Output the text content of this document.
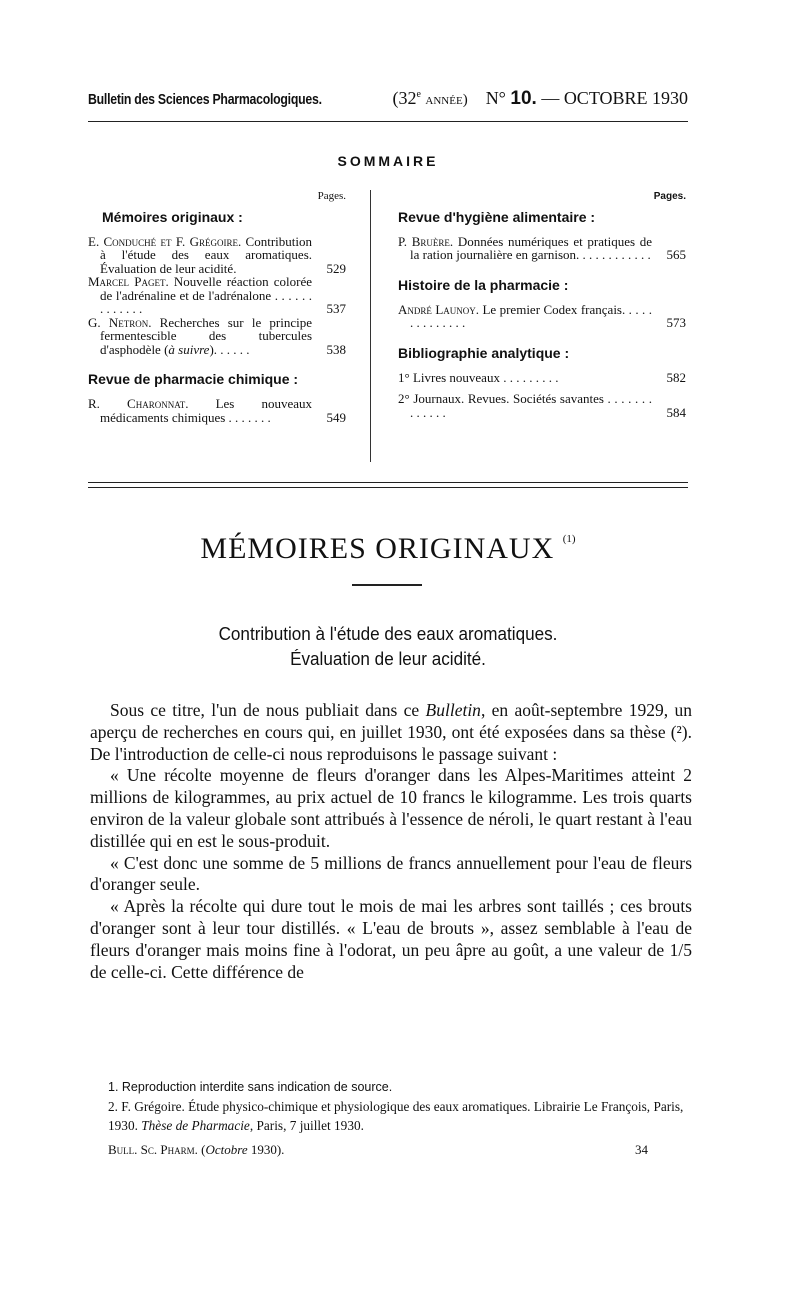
Bulletin des Sciences Pharmacologiques.	(32e année) N° 10. — OCTOBRE 1930
SOMMAIRE
Pages.
Mémoires originaux :
E. Conduché et F. Grégoire. Contribution à l'étude des eaux aromatiques. Évaluation de leur acidité.	529
Marcel Paget. Nouvelle réaction colorée de l'adrénaline et de l'adrénalone . . . . . . . . . . . . .	537
G. Netron. Recherches sur le principe fermentescible des tubercules d'asphodèle (à suivre). . . . . .	538
Revue de pharmacie chimique :
R. Charonnat. Les nouveaux médicaments chimiques . . . . . . .	549
Pages.
Revue d'hygiène alimentaire :
P. Bruère. Données numériques et pratiques de la ration journalière en garnison. . . . . . . . . . . .	565
Histoire de la pharmacie :
André Launoy. Le premier Codex français. . . . . . . . . . . . . .	573
Bibliographie analytique :
1° Livres nouveaux . . . . . . . . .	582
2° Journaux. Revues. Sociétés savantes . . . . . . . . . . . . .	584
MÉMOIRES ORIGINAUX $^{(1)}$
Contribution à l'étude des eaux aromatiques.
Évaluation de leur acidité.

Sous ce titre, l'un de nous publiait dans ce Bulletin, en août-septembre 1929, un aperçu de recherches en cours qui, en juillet 1930, ont été exposées dans sa thèse (²). De l'introduction de celle-ci nous reproduisons le passage suivant :

« Une récolte moyenne de fleurs d'oranger dans les Alpes-Maritimes atteint 2 millions de kilogrammes, au prix actuel de 10 francs le kilogramme. Les trois quarts environ de la valeur globale sont attribués à l'essence de néroli, le quart restant à l'eau distillée qui en est le sous-produit.

« C'est donc une somme de 5 millions de francs annuellement pour l'eau de fleurs d'oranger seule.

« Après la récolte qui dure tout le mois de mai les arbres sont taillés ; ces brouts d'oranger sont à leur tour distillés. « L'eau de brouts », assez semblable à l'eau de fleurs d'oranger mais moins fine à l'odorat, un peu âpre au goût, a une valeur de 1/5 de celle-ci. Cette différence de

1. Reproduction interdite sans indication de source.

2. F. Grégoire. Étude physico-chimique et physiologique des eaux aromatiques. Librairie Le François, Paris, 1930. Thèse de Pharmacie, Paris, 7 juillet 1930.

Bull. Sc. Pharm. (Octobre 1930).	34
